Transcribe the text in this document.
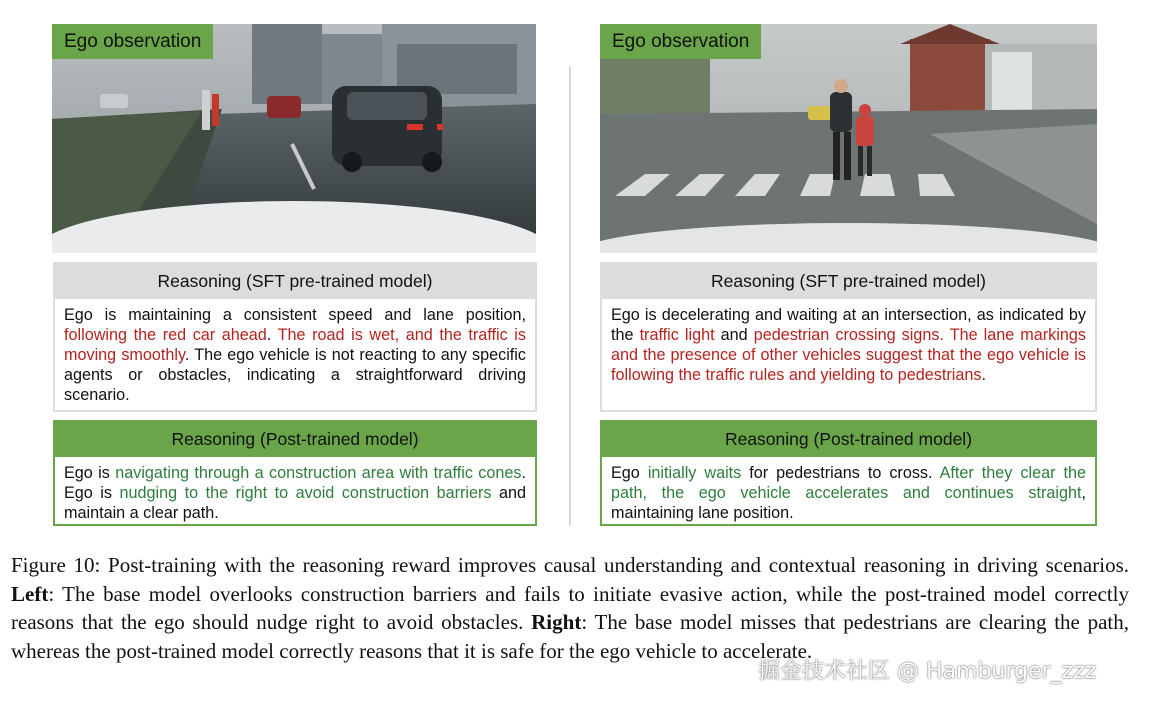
Ego observation
Reasoning (SFT pre-trained model)
Ego is maintaining a consistent speed and lane position, following the red car ahead. The road is wet, and the traffic is moving smoothly. The ego vehicle is not reacting to any specific agents or obstacles, indicating a straightforward driving scenario.
Reasoning (Post-trained model)
Ego is navigating through a construction area with traffic cones. Ego is nudging to the right to avoid construction barriers and maintain a clear path.
Ego observation
Reasoning (SFT pre-trained model)
Ego is decelerating and waiting at an intersection, as indicated by the traffic light and pedestrian crossing signs. The lane markings and the presence of other vehicles suggest that the ego vehicle is following the traffic rules and yielding to pedestrians.
Reasoning (Post-trained model)
Ego initially waits for pedestrians to cross. After they clear the path, the ego vehicle accelerates and continues straight, maintaining lane position.
Figure 10: Post-training with the reasoning reward improves causal understanding and contextual reasoning in driving scenarios. Left: The base model overlooks construction barriers and fails to initiate evasive action, while the post-trained model correctly reasons that the ego should nudge right to avoid obstacles. Right: The base model misses that pedestrians are clearing the path, whereas the post-trained model correctly reasons that it is safe for the ego vehicle to accelerate.
掘金技术社区 @ Hamburger_zzz
